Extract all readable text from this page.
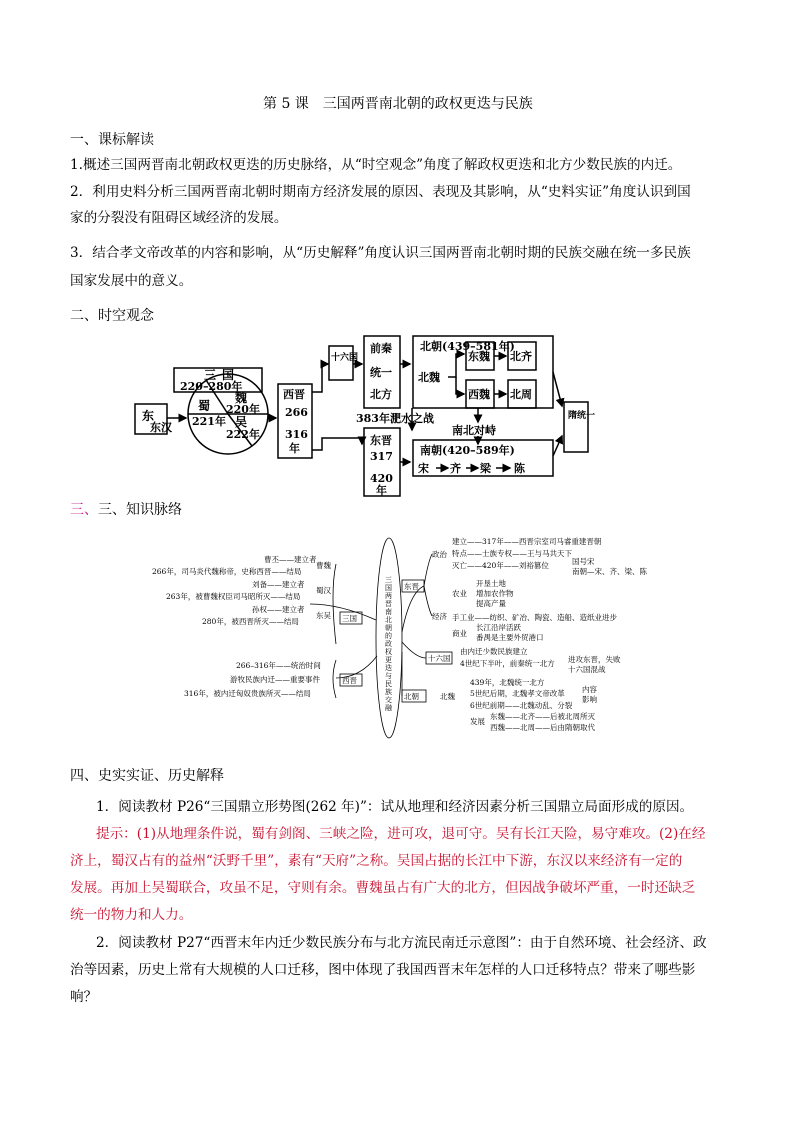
第 5 课　三国两晋南北朝的政权更迭与民族
一、课标解读
1.概述三国两晋南北朝政权更迭的历史脉络，从“时空观念”角度了解政权更迭和北方少数民族的内迁。
2．利用史料分析三国两晋南北朝时期南方经济发展的原因、表现及其影响，从“史料实证”角度认识到国
家的分裂没有阻碍区域经济的发展。
3．结合孝文帝改革的内容和影响，从“历史解释”角度认识三国两晋南北朝时期的民族交融在统一多民族
国家发展中的意义。
二、时空观念
东
东汉
三国
220–280年
魏
220年
蜀
221年 吴
222年
西晋
266
316
年
十六国
前秦
统一
北方
北朝(439–581年)
北魏
东魏 北齐
西魏 北周
383年淝水之战
南北对峙
东晋
317
420
年
南朝(420–589年)
宋 齐 梁 陈
隋统一
三、三、知识脉络
曹丕——建立者
266年，司马炎代魏称帝，史称西晋——结局
曹魏
刘备——建立者
263年，被曹魏权臣司马昭所灭——结局
蜀汉
孙权——建立者
280年，被西晋所灭——结局
东吴 三国
266–316年——统治时间
游牧民族内迁——重要事件
316年，被内迁匈奴贵族所灭——结局
西晋
三国两晋南北朝的政权更迭与民族交融
东晋
政治
建立——317年——西晋宗室司马睿重建晋朝
特点——士族专权——王与马共天下
灭亡——420年——刘裕篡位	国号宋
南朝—宋、齐、梁、陈
经济
农业
开垦土地
增加农作物
提高产量
手工业——纺织、矿冶、陶瓷、造船、造纸业进步
商业
长江沿岸活跃
番禺是主要外贸港口
十六国
由内迁少数民族建立
4世纪下半叶，前秦统一北方 进攻东晋，失败
十六国混战
北朝	北魏
439年，北魏统一北方
5世纪后期，北魏孝文帝改革 内容
影响
6世纪前期——北魏动乱、分裂
发展
东魏——北齐——后被北周所灭
西魏——北周——后由隋朝取代
四、史实实证、历史解释
1．阅读教材 P26“三国鼎立形势图(262 年)”：试从地理和经济因素分析三国鼎立局面形成的原因。
提示：(1)从地理条件说，蜀有剑阁、三峡之险，进可攻，退可守。吴有长江天险，易守难攻。(2)在经
济上，蜀汉占有的益州“沃野千里”，素有“天府”之称。吴国占据的长江中下游，东汉以来经济有一定的
发展。再加上吴蜀联合，攻虽不足，守则有余。曹魏虽占有广大的北方，但因战争破坏严重，一时还缺乏
统一的物力和人力。
2．阅读教材 P27“西晋末年内迁少数民族分布与北方流民南迁示意图”：由于自然环境、社会经济、政
治等因素，历史上常有大规模的人口迁移，图中体现了我国西晋末年怎样的人口迁移特点？带来了哪些影
响？
